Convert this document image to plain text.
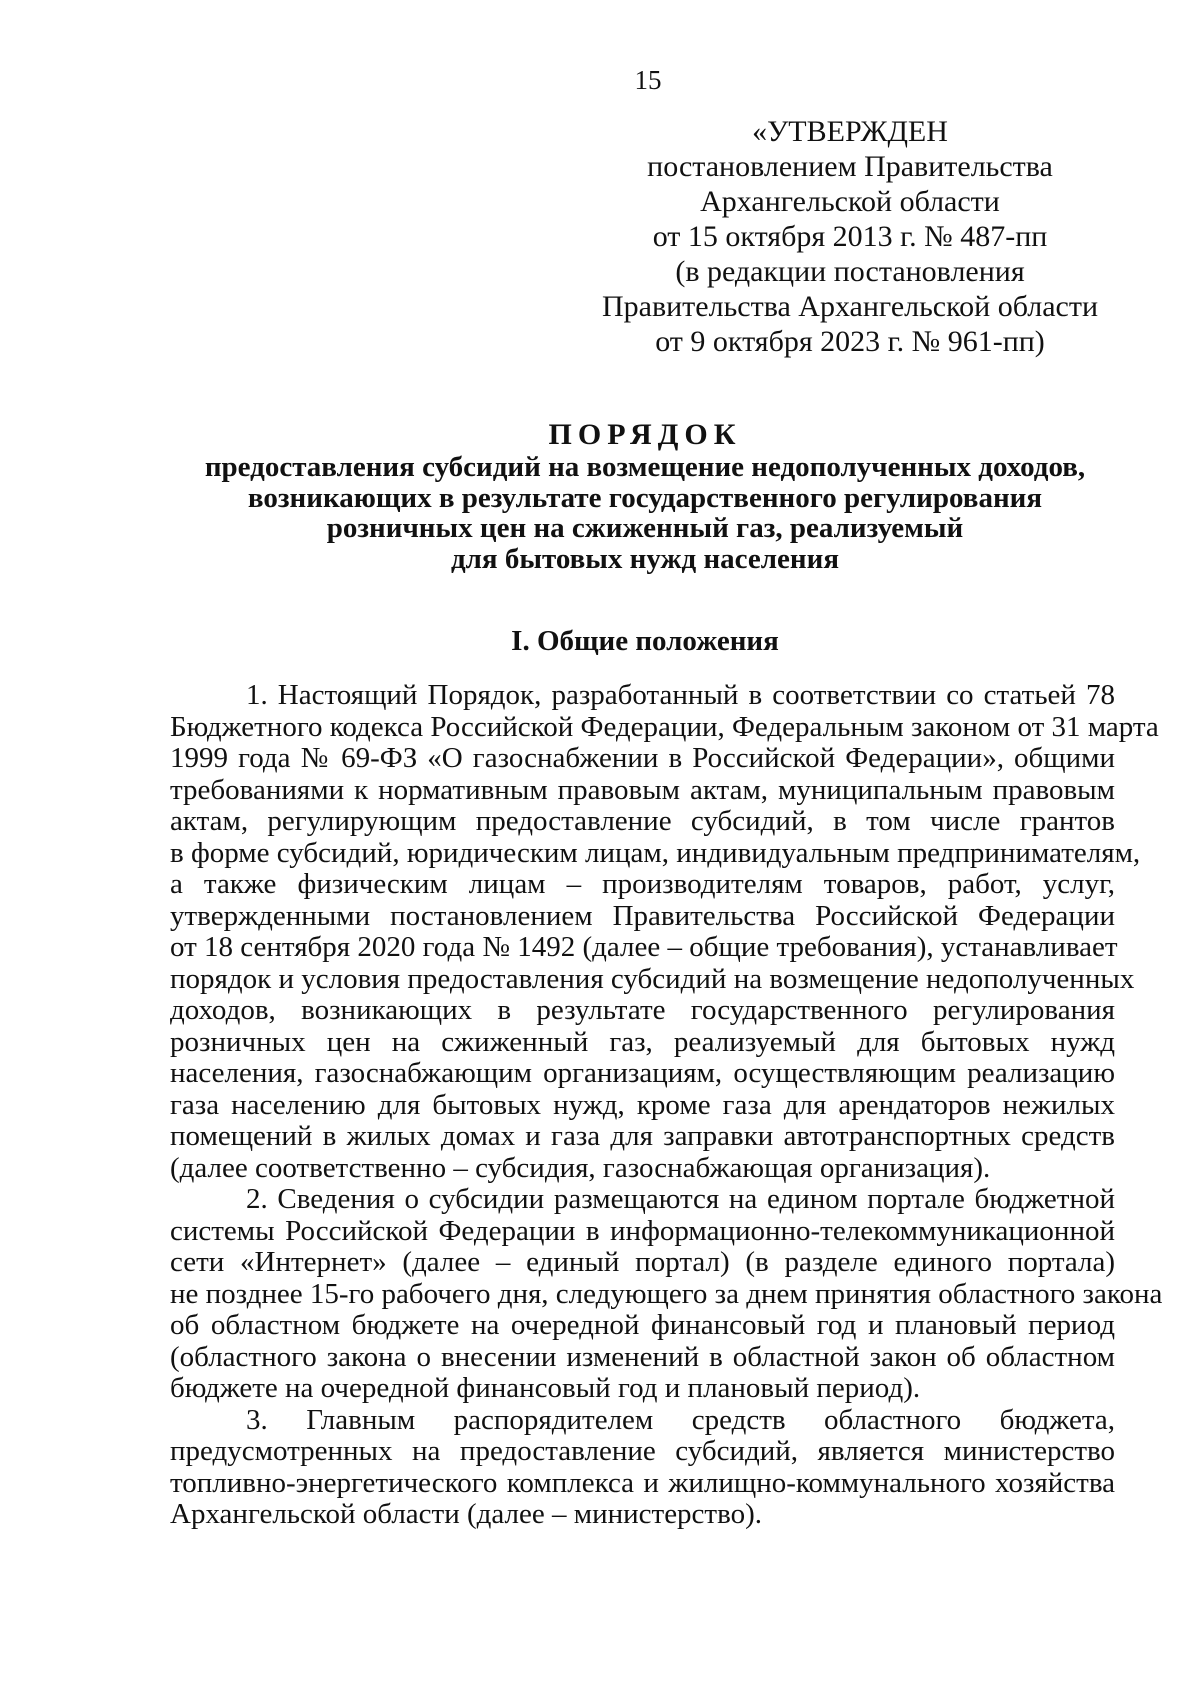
15
«УТВЕРЖДЕН
постановлением Правительства
Архангельской области
от 15 октября 2013 г. № 487-пп
(в редакции постановления
Правительства Архангельской области
от 9 октября 2023 г. № 961-пп)
ПОРЯДОК
предоставления субсидий на возмещение недополученных доходов,
возникающих в результате государственного регулирования
розничных цен на сжиженный газ, реализуемый
для бытовых нужд населения
I. Общие положения
1. Настоящий Порядок, разработанный в соответствии со статьей 78
Бюджетного кодекса Российской Федерации, Федеральным законом от 31 марта
1999 года № 69-ФЗ «О газоснабжении в Российской Федерации», общими
требованиями к нормативным правовым актам, муниципальным правовым
актам, регулирующим предоставление субсидий, в том числе грантов
в форме субсидий, юридическим лицам, индивидуальным предпринимателям,
а также физическим лицам – производителям товаров, работ, услуг,
утвержденными постановлением Правительства Российской Федерации
от 18 сентября 2020 года № 1492 (далее – общие требования), устанавливает
порядок и условия предоставления субсидий на возмещение недополученных
доходов, возникающих в результате государственного регулирования
розничных цен на сжиженный газ, реализуемый для бытовых нужд
населения, газоснабжающим организациям, осуществляющим реализацию
газа населению для бытовых нужд, кроме газа для арендаторов нежилых
помещений в жилых домах и газа для заправки автотранспортных средств
(далее соответственно – субсидия, газоснабжающая организация).
2. Сведения о субсидии размещаются на едином портале бюджетной
системы Российской Федерации в информационно-телекоммуникационной
сети «Интернет» (далее – единый портал) (в разделе единого портала)
не позднее 15-го рабочего дня, следующего за днем принятия областного закона
об областном бюджете на очередной финансовый год и плановый период
(областного закона о внесении изменений в областной закон об областном
бюджете на очередной финансовый год и плановый период).
3. Главным распорядителем средств областного бюджета,
предусмотренных на предоставление субсидий, является министерство
топливно-энергетического комплекса и жилищно-коммунального хозяйства
Архангельской области (далее – министерство).
